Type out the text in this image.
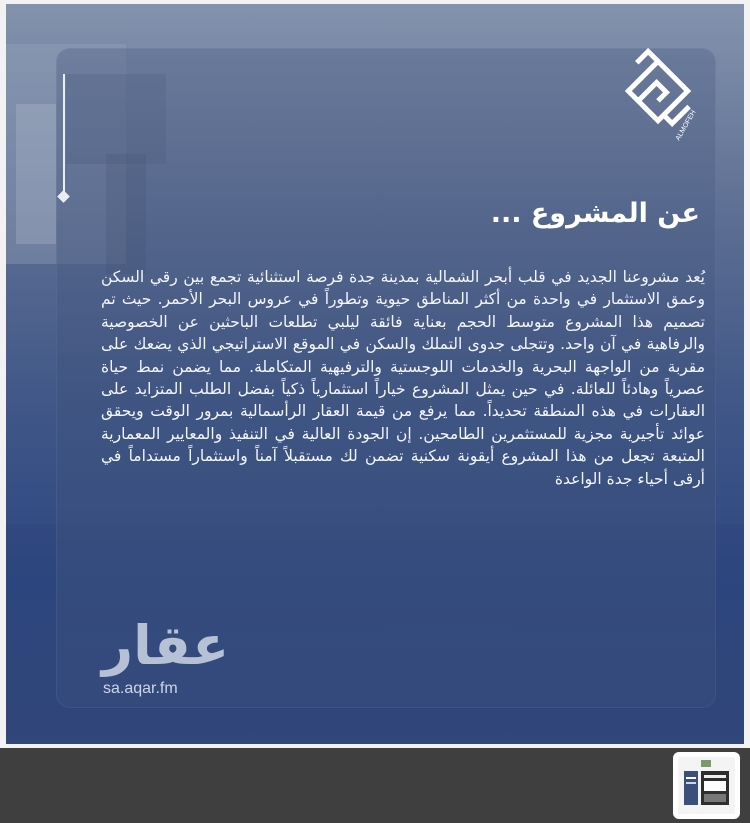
ALMOFEH
عن المشروع ...
يُعد مشروعنا الجديد في قلب أبحر الشمالية بمدينة جدة فرصة استثنائية تجمع بين رقي السكن وعمق الاستثمار في واحدة من أكثر المناطق حيوية وتطوراً في عروس البحر الأحمر. حيث تم تصميم هذا المشروع متوسط الحجم بعناية فائقة ليلبي تطلعات الباحثين عن الخصوصية والرفاهية في آن واحد. وتتجلى جدوى التملك والسكن في الموقع الاستراتيجي الذي يضعك على مقربة من الواجهة البحرية والخدمات اللوجستية والترفيهية المتكاملة. مما يضمن نمط حياة عصرياً وهادئاً للعائلة. في حين يمثل المشروع خياراً استثمارياً ذكياً بفضل الطلب المتزايد على العقارات في هذه المنطقة تحديداً. مما يرفع من قيمة العقار الرأسمالية بمرور الوقت ويحقق عوائد تأجيرية مجزية للمستثمرين الطامحين. إن الجودة العالية في التنفيذ والمعايير المعمارية المتبعة تجعل من هذا المشروع أيقونة سكنية تضمن لك مستقبلاً آمناً واستثماراً مستداماً في أرقى أحياء جدة الواعدة
عقار
sa.aqar.fm
